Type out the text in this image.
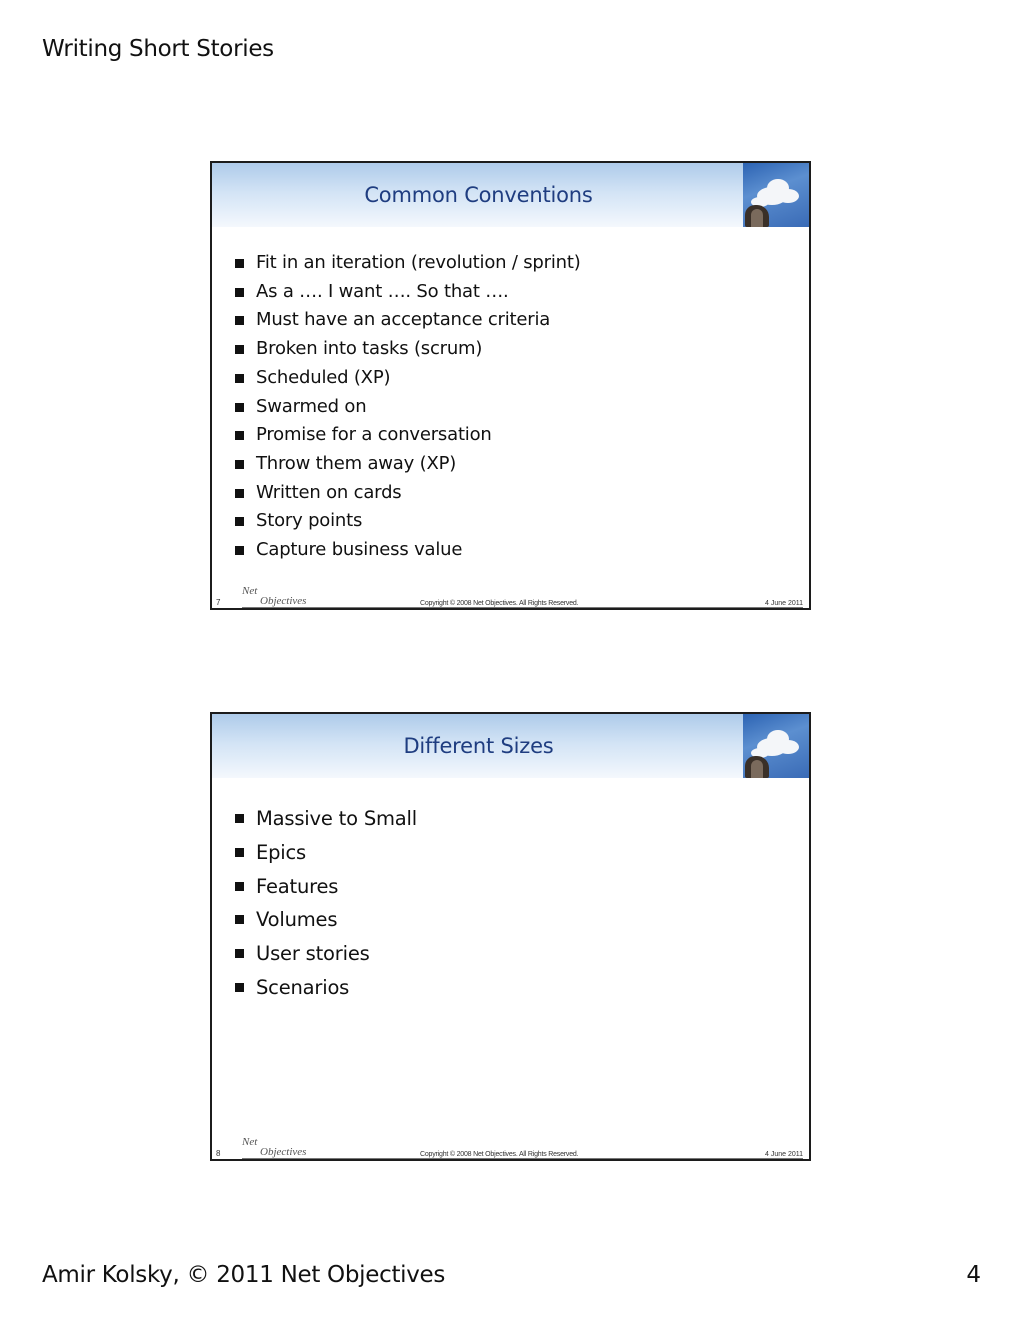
Writing Short Stories
Common Conventions
Fit in an iteration (revolution / sprint)
As a …. I want …. So that ….
Must have an acceptance criteria
Broken into tasks (scrum)
Scheduled (XP)
Swarmed on
Promise for a conversation
Throw them away (XP)
Written on cards
Story points
Capture business value
7
Net
Objectives	Copyright © 2008 Net Objectives. All Rights Reserved.	4 June 2011
Different Sizes
Massive to Small
Epics
Features
Volumes
User stories
Scenarios
8
Net
Objectives	Copyright © 2008 Net Objectives. All Rights Reserved.	4 June 2011
Amir Kolsky, © 2011 Net Objectives	4
